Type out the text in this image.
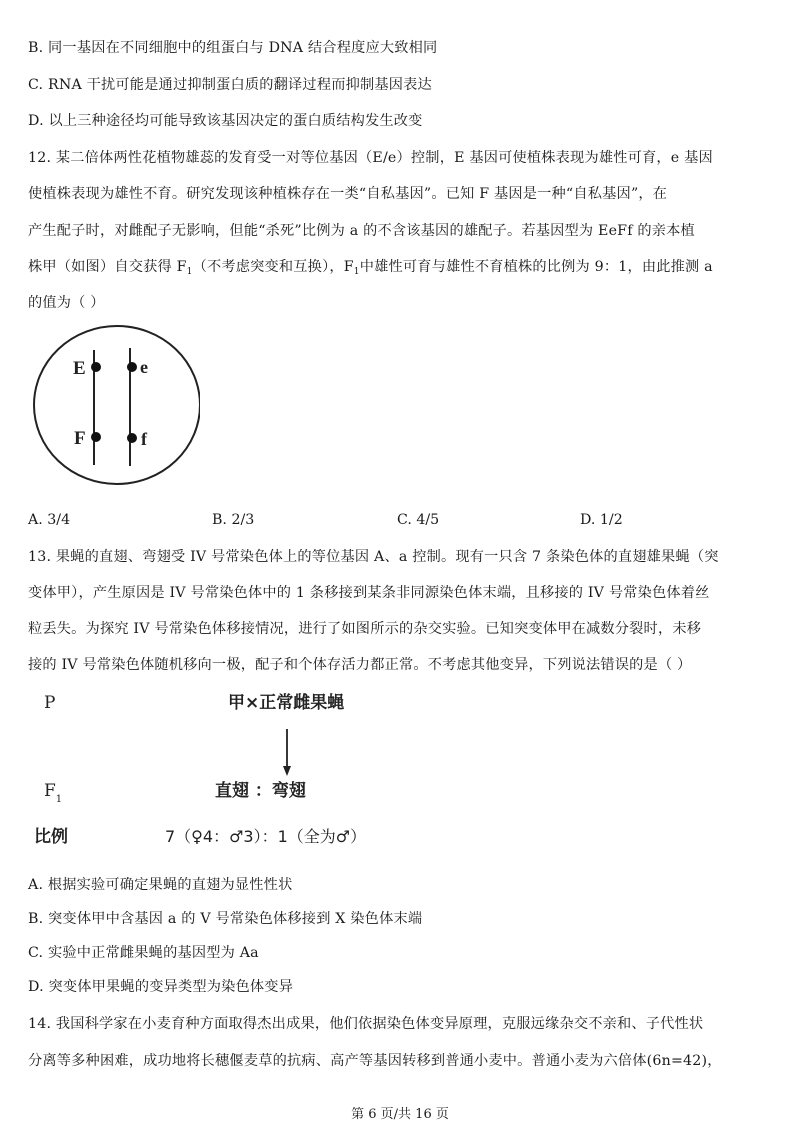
B. 同一基因在不同细胞中的组蛋白与 DNA 结合程度应大致相同
C. RNA 干扰可能是通过抑制蛋白质的翻译过程而抑制基因表达
D. 以上三种途径均可能导致该基因决定的蛋白质结构发生改变
12. 某二倍体两性花植物雄蕊的发育受一对等位基因（E/e）控制，E 基因可使植株表现为雄性可育，e 基因
使植株表现为雄性不育。研究发现该种植株存在一类“自私基因”。已知 F 基因是一种“自私基因”，在
产生配子时，对雌配子无影响，但能“杀死”比例为 a 的不含该基因的雄配子。若基因型为 EeFf 的亲本植
株甲（如图）自交获得 $F_1$（不考虑突变和互换），$F_1$中雄性可育与雄性不育植株的比例为 9：1，由此推测 a
的值为（ ）
E	e
F	f
A. 3/4	B. 2/3	C. 4/5	D. 1/2
13. 果蝇的直翅、弯翅受 IV 号常染色体上的等位基因 A、a 控制。现有一只含 7 条染色体的直翅雄果蝇（突
变体甲），产生原因是 IV 号常染色体中的 1 条移接到某条非同源染色体末端，且移接的 IV 号常染色体着丝
粒丢失。为探究 IV 号常染色体移接情况，进行了如图所示的杂交实验。已知突变体甲在减数分裂时，未移
接的 IV 号常染色体随机移向一极，配子和个体存活力都正常。不考虑其他变异，下列说法错误的是（ ）
P	甲×正常雌果蝇
$F_1$	直翅 ：弯翅
比例	7（♀4：♂3）：1（全为♂）
A. 根据实验可确定果蝇的直翅为显性性状
B. 突变体甲中含基因 a 的 V 号常染色体移接到 X 染色体末端
C. 实验中正常雌果蝇的基因型为 Aa
D. 突变体甲果蝇的变异类型为染色体变异
14. 我国科学家在小麦育种方面取得杰出成果，他们依据染色体变异原理，克服远缘杂交不亲和、子代性状
分离等多种困难，成功地将长穗偃麦草的抗病、高产等基因转移到普通小麦中。普通小麦为六倍体(6n=42)，
第 6 页/共 16 页
